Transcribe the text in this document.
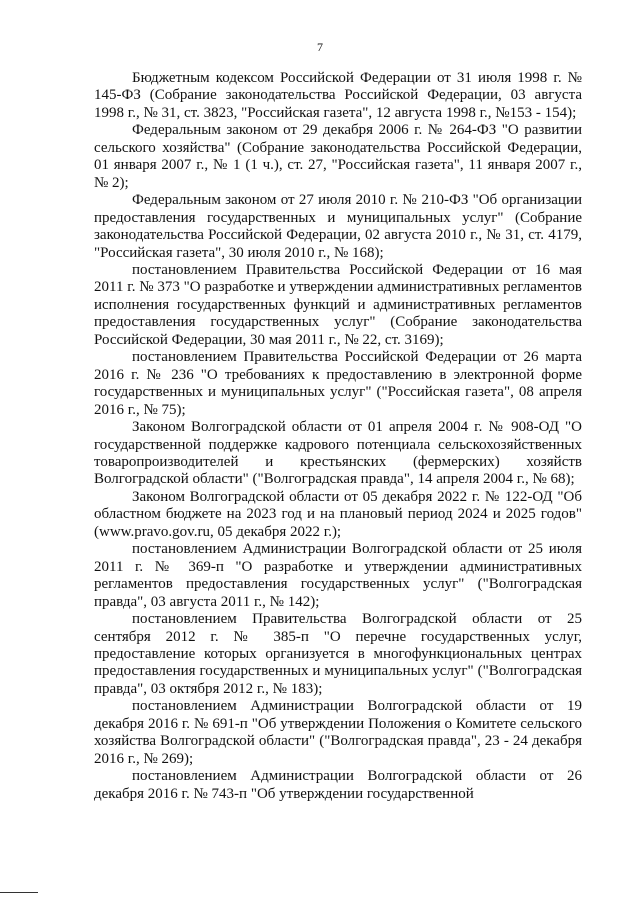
7

Бюджетным кодексом Российской Федерации от 31 июля 1998 г. № 145-ФЗ (Собрание законодательства Российской Федерации, 03 августа 1998 г., № 31, ст. 3823, "Российская газета", 12 августа 1998 г., №153 - 154);

Федеральным законом от 29 декабря 2006 г. № 264-ФЗ "О развитии сельского хозяйства" (Собрание законодательства Российской Федерации, 01 января 2007 г., № 1 (1 ч.), ст. 27, "Российская газета", 11 января 2007 г., № 2);

Федеральным законом от 27 июля 2010 г. № 210-ФЗ "Об организации предоставления государственных и муниципальных услуг" (Собрание законодательства Российской Федерации, 02 августа 2010 г., № 31, ст. 4179, "Российская газета", 30 июля 2010 г., № 168);

постановлением Правительства Российской Федерации от 16 мая 2011 г. № 373 "О разработке и утверждении административных регламентов исполнения государственных функций и административных регламентов предоставления государственных услуг" (Собрание законодательства Российской Федерации, 30 мая 2011 г., № 22, ст. 3169);

постановлением Правительства Российской Федерации от 26 марта 2016 г. № 236 "О требованиях к предоставлению в электронной форме государственных и муниципальных услуг" ("Российская газета", 08 апреля 2016 г., № 75);

Законом Волгоградской области от 01 апреля 2004 г. № 908-ОД "О государственной поддержке кадрового потенциала сельскохозяйственных товаропроизводителей и крестьянских (фермерских) хозяйств Волгоградской области" ("Волгоградская правда", 14 апреля 2004 г., № 68);

Законом Волгоградской области от 05 декабря 2022 г. № 122-ОД "Об областном бюджете на 2023 год и на плановый период 2024 и 2025 годов" (www.pravo.gov.ru, 05 декабря 2022 г.);

постановлением Администрации Волгоградской области от 25 июля 2011 г. № 369-п "О разработке и утверждении административных регламентов предоставления государственных услуг" ("Волгоградская правда", 03 августа 2011 г., № 142);

постановлением Правительства Волгоградской области от 25 сентября 2012 г. № 385-п "О перечне государственных услуг, предоставление которых организуется в многофункциональных центрах предоставления государственных и муниципальных услуг" ("Волгоградская правда", 03 октября 2012 г., № 183);

постановлением Администрации Волгоградской области от 19 декабря 2016 г. № 691-п "Об утверждении Положения о Комитете сельского хозяйства Волгоградской области" ("Волгоградская правда", 23 - 24 декабря 2016 г., № 269);

постановлением Администрации Волгоградской области от 26 декабря 2016 г. № 743-п "Об утверждении государственной
